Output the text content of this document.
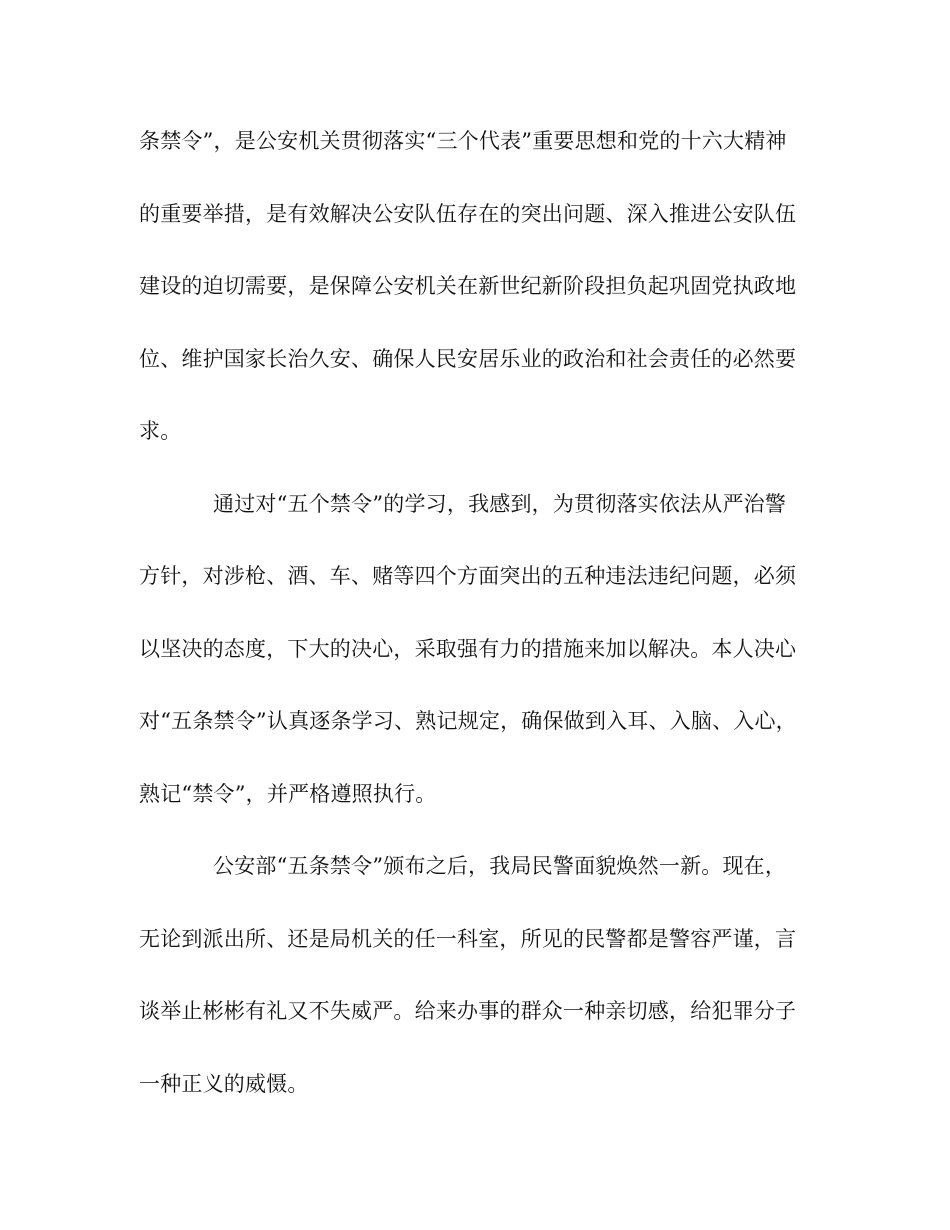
条禁令”，是公安机关贯彻落实“三个代表”重要思想和党的十六大精神
的重要举措，是有效解决公安队伍存在的突出问题、深入推进公安队伍
建设的迫切需要，是保障公安机关在新世纪新阶段担负起巩固党执政地
位、维护国家长治久安、确保人民安居乐业的政治和社会责任的必然要
求。
通过对“五个禁令”的学习，我感到，为贯彻落实依法从严治警
方针，对涉枪、酒、车、赌等四个方面突出的五种违法违纪问题，必须
以坚决的态度，下大的决心，采取强有力的措施来加以解决。本人决心
对“五条禁令”认真逐条学习、熟记规定，确保做到入耳、入脑、入心，
熟记“禁令”，并严格遵照执行。
公安部“五条禁令”颁布之后，我局民警面貌焕然一新。现在，
无论到派出所、还是局机关的任一科室，所见的民警都是警容严谨，言
谈举止彬彬有礼又不失威严。给来办事的群众一种亲切感，给犯罪分子
一种正义的威慑。
